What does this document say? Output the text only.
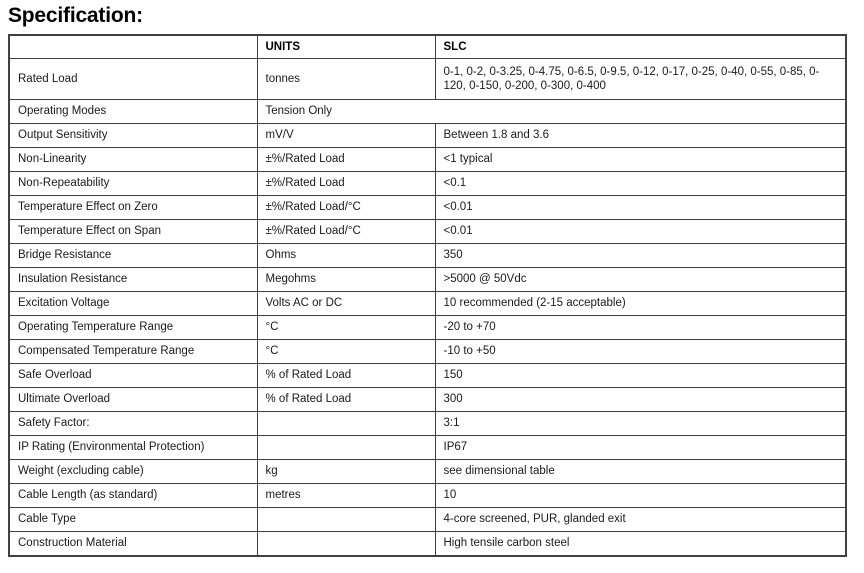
Specification:
	UNITS	SLC
Rated Load	tonnes	0-1, 0-2, 0-3.25, 0-4.75, 0-6.5, 0-9.5, 0-12, 0-17, 0-25, 0-40, 0-55, 0-85, 0-120, 0-150, 0-200, 0-300, 0-400
Operating Modes	Tension Only	
Output Sensitivity	mV/V	Between 1.8 and 3.6
Non-Linearity	±%/Rated Load	<1 typical
Non-Repeatability	±%/Rated Load	<0.1
Temperature Effect on Zero	±%/Rated Load/°C	<0.01
Temperature Effect on Span	±%/Rated Load/°C	<0.01
Bridge Resistance	Ohms	350
Insulation Resistance	Megohms	>5000 @ 50Vdc
Excitation Voltage	Volts AC or DC	10 recommended (2-15 acceptable)
Operating Temperature Range	°C	-20 to +70
Compensated Temperature Range	°C	-10 to +50
Safe Overload	% of Rated Load	150
Ultimate Overload	% of Rated Load	300
Safety Factor:		3:1
IP Rating (Environmental Protection)		IP67
Weight (excluding cable)	kg	see dimensional table
Cable Length (as standard)	metres	10
Cable Type		4-core screened, PUR, glanded exit
Construction Material		High tensile carbon steel
